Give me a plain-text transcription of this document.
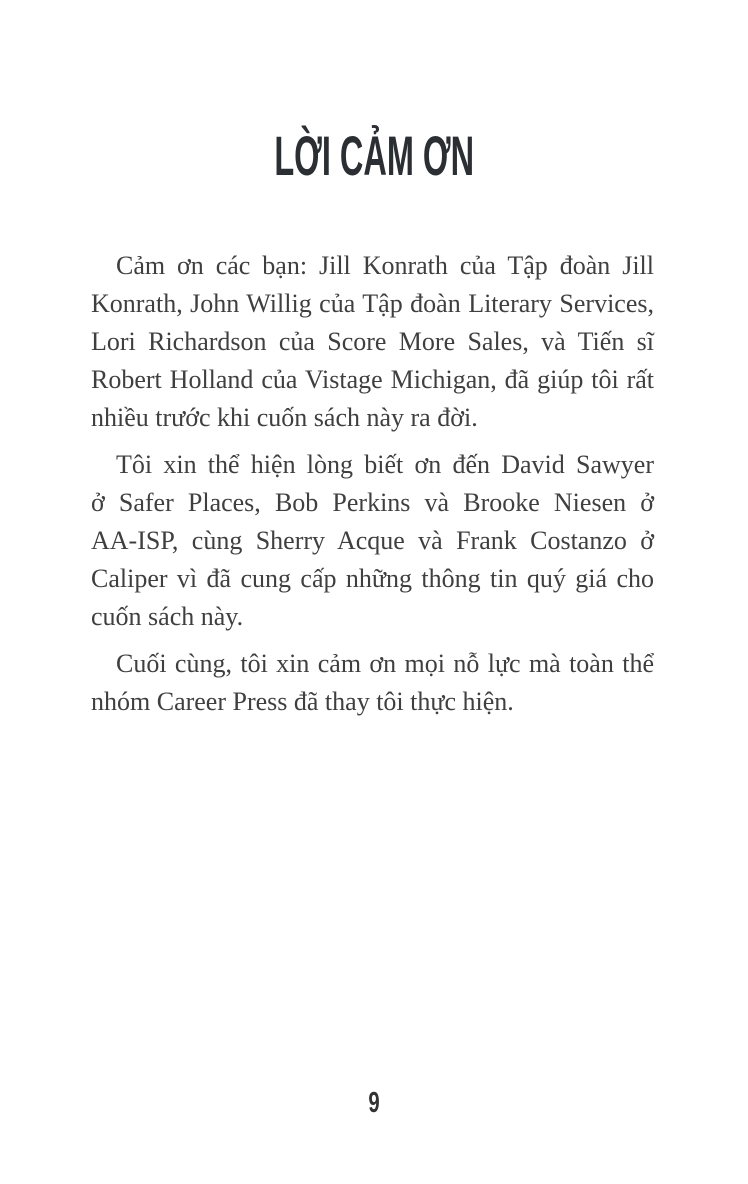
LỜI CẢM ƠN

Cảm ơn các bạn: Jill Konrath của Tập đoàn Jill
Konrath, John Willig của Tập đoàn Literary Services,
Lori Richardson của Score More Sales, và Tiến sĩ
Robert Holland của Vistage Michigan, đã giúp tôi rất
nhiều trước khi cuốn sách này ra đời.

Tôi xin thể hiện lòng biết ơn đến David Sawyer
ở Safer Places, Bob Perkins và Brooke Niesen ở
AA-ISP, cùng Sherry Acque và Frank Costanzo ở
Caliper vì đã cung cấp những thông tin quý giá cho
cuốn sách này.

Cuối cùng, tôi xin cảm ơn mọi nỗ lực mà toàn thể
nhóm Career Press đã thay tôi thực hiện.

9
